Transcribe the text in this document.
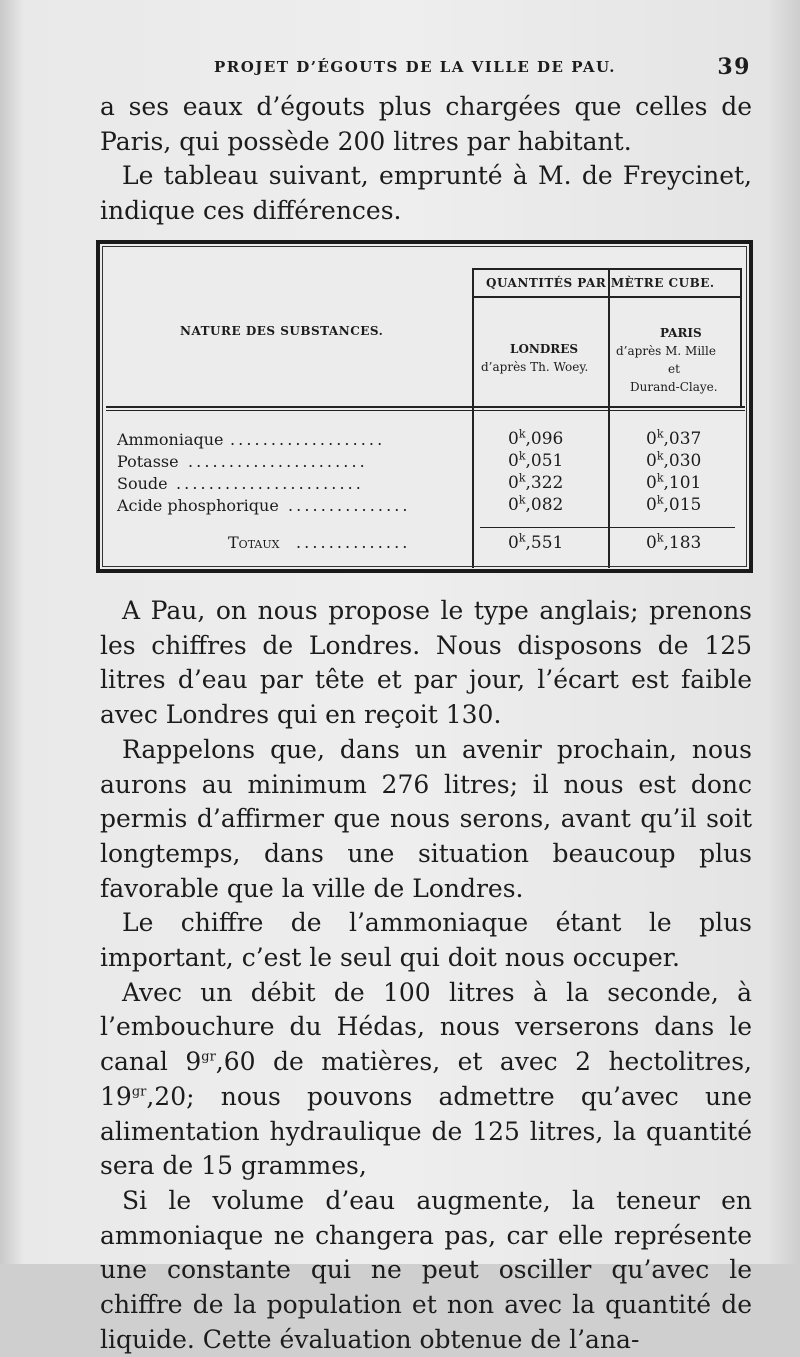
PROJET D’ÉGOUTS DE LA VILLE DE PAU.	39

a ses eaux d’égouts plus chargées que celles de Paris, qui possède 200 litres par habitant.

Le tableau suivant, emprunté à M. de Freycinet, indique ces différences.

QUANTITÉS PAR MÈTRE CUBE.
NATURE DES SUBSTANCES.
LONDRES
d’après Th. Woey.
PARIS
d’après M. Mille
et
Durand-Claye.
Ammoniaque . . . . . . . . . . . . . . . . . . .	0$^k$,096	0$^k$,037
Potasse . . . . . . . . . . . . . . . . . . . . . .	0$^k$,051	0$^k$,030
Soude . . . . . . . . . . . . . . . . . . . . . . .	0$^k$,322	0$^k$,101
Acide phosphorique . . . . . . . . . . . . . . .	0$^k$,082	0$^k$,015
Totaux . . . . . . . . . . . . . .	0$^k$,551	0$^k$,183

A Pau, on nous propose le type anglais; prenons les chiffres de Londres. Nous disposons de 125 litres d’eau par tête et par jour, l’écart est faible avec Londres qui en reçoit 130.

Rappelons que, dans un avenir prochain, nous aurons au minimum 276 litres; il nous est donc permis d’affirmer que nous serons, avant qu’il soit longtemps, dans une situation beaucoup plus favorable que la ville de Londres.

Le chiffre de l’ammoniaque étant le plus important, c’est le seul qui doit nous occuper.

Avec un débit de 100 litres à la seconde, à l’embouchure du Hédas, nous verserons dans le canal $9^{gr},60$ de matières, et avec 2 hectolitres, $19^{gr},20$; nous pouvons admettre qu’avec une alimentation hydraulique de 125 litres, la quantité sera de 15 grammes,

Si le volume d’eau augmente, la teneur en ammoniaque ne changera pas, car elle représente une constante qui ne peut osciller qu’avec le chiffre de la population et non avec la quantité de liquide. Cette évaluation obtenue de l’ana-
